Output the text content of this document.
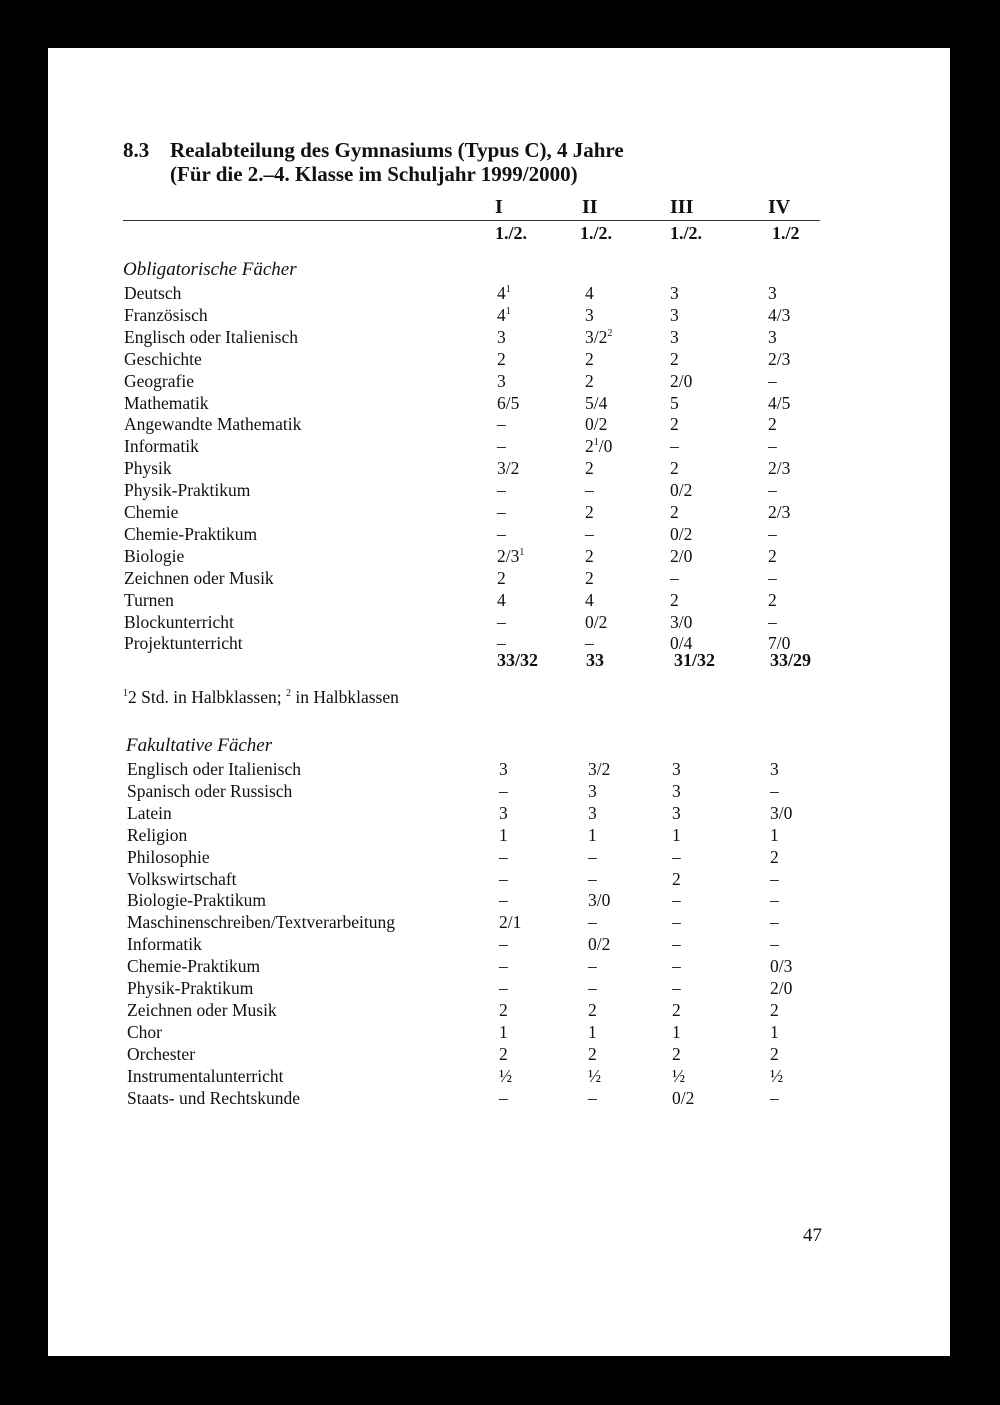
8.3 Realabteilung des Gymnasiums (Typus C), 4 Jahre
(Für die 2.–4. Klasse im Schuljahr 1999/2000)
I	II	III	IV
1./2.	1./2.	1./2.	1./2
Obligatorische Fächer
Deutsch	$4^1$	4	3	3
Französisch	$4^1$	3	3	4/3
Englisch oder Italienisch	3	$3/2^2$	3	3
Geschichte	2	2	2	2/3
Geografie	3	2	2/0	–
Mathematik	6/5	5/4	5	4/5
Angewandte Mathematik	–	0/2	2	2
Informatik	–	$2^1/0$	–	–
Physik	3/2	2	2	2/3
Physik-Praktikum	–	–	0/2	–
Chemie	–	2	2	2/3
Chemie-Praktikum	–	–	0/2	–
Biologie	$2/3^1$	2	2/0	2
Zeichnen oder Musik	2	2	–	–
Turnen	4	4	2	2
Blockunterricht	–	0/2	3/0	–
Projektunterricht	–	–	0/4	7/0
33/32	33	31/32	33/29
$^1$2 Std. in Halbklassen; $^2$ in Halbklassen
Fakultative Fächer
Englisch oder Italienisch	3	3/2	3	3
Spanisch oder Russisch	–	3	3	–
Latein	3	3	3	3/0
Religion	1	1	1	1
Philosophie	–	–	–	2
Volkswirtschaft	–	–	2	–
Biologie-Praktikum	–	3/0	–	–
Maschinenschreiben/Textverarbeitung	2/1	–	–	–
Informatik	–	0/2	–	–
Chemie-Praktikum	–	–	–	0/3
Physik-Praktikum	–	–	–	2/0
Zeichnen oder Musik	2	2	2	2
Chor	1	1	1	1
Orchester	2	2	2	2
Instrumentalunterricht	½	½	½	½
Staats- und Rechtskunde	–	–	0/2	–
47
